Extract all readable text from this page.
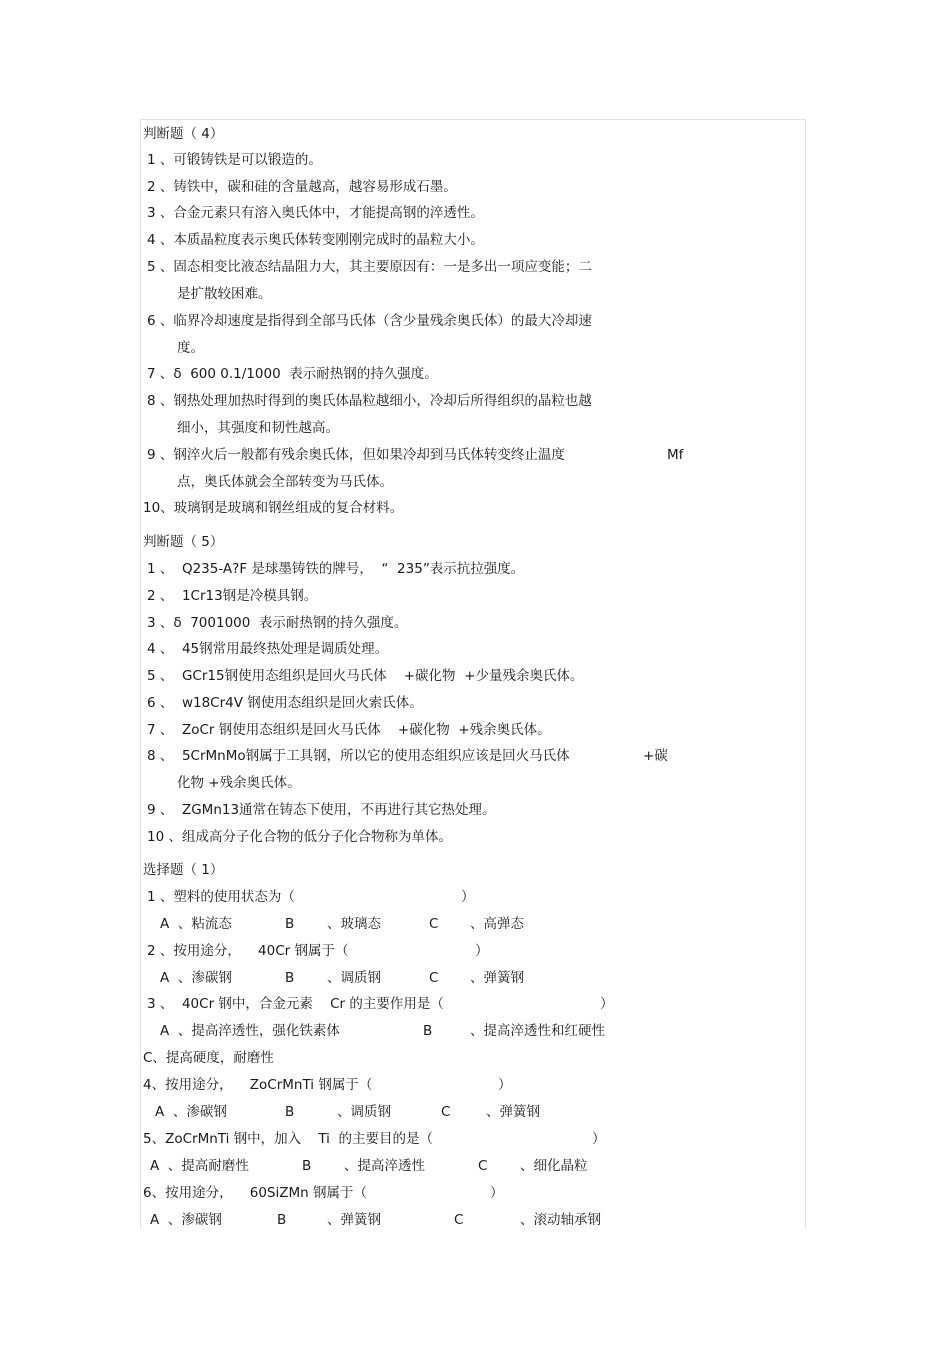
判断题（ 4）
1 、可锻铸铁是可以锻造的。
2 、铸铁中，碳和硅的含量越高，越容易形成石墨。
3 、合金元素只有溶入奥氏体中，才能提高钢的淬透性。
4 、本质晶粒度表示奥氏体转变刚刚完成时的晶粒大小。
5 、固态相变比液态结晶阻力大，其主要原因有：一是多出一项应变能；二
是扩散较困难。
6 、临界冷却速度是指得到全部马氏体（含少量残余奥氏体）的最大冷却速
度。
7 、δ  600 0.1/1000  表示耐热钢的持久强度。
8 、钢热处理加热时得到的奥氏体晶粒越细小，冷却后所得组织的晶粒也越
细小，其强度和韧性越高。
9 、钢淬火后一般都有残余奥氏体，但如果冷却到马氏体转变终止温度	Mf
点，奥氏体就会全部转变为马氏体。
10、玻璃钢是玻璃和钢丝组成的复合材料。
判断题（ 5）
1 、  Q235-A?F 是球墨铸铁的牌号，  “  235”表示抗拉强度。
2 、  1Cr13钢是冷模具钢。
3 、δ  7001000  表示耐热钢的持久强度。
4 、  45钢常用最终热处理是调质处理。
5 、  GCr15钢使用态组织是回火马氏体    +碳化物  +少量残余奥氏体。
6 、  w18Cr4V 钢使用态组织是回火索氏体。
7 、  ZoCr 钢使用态组织是回火马氏体    +碳化物  +残余奥氏体。
8 、  5CrMnMo钢属于工具钢，所以它的使用态组织应该是回火马氏体	+碳
化物 +残余奥氏体。
9 、  ZGMn13通常在铸态下使用，不再进行其它热处理。
10 、组成高分子化合物的低分子化合物称为单体。
选择题（ 1）
1 、塑料的使用状态为（	）
A  、粘流态	B 、玻璃态	C 、高弹态
2 、按用途分，    40Cr 钢属于（	）
A  、渗碳钢	B 、调质钢	C 、弹簧钢
3 、  40Cr 钢中，合金元素    Cr 的主要作用是（	）
A  、提高淬透性，强化铁素体	B	、提高淬透性和红硬性
C、提高硬度，耐磨性
4、按用途分，    ZoCrMnTi 钢属于（	）
A  、渗碳钢	B	、调质钢	C	、弹簧钢
5、ZoCrMnTi 钢中，加入    Ti  的主要目的是（	）
A  、提高耐磨性	B 、提高淬透性	C 、细化晶粒
6、按用途分，    60SiZMn 钢属于（	）
A  、渗碳钢	B	、弹簧钢	C	、滚动轴承钢
